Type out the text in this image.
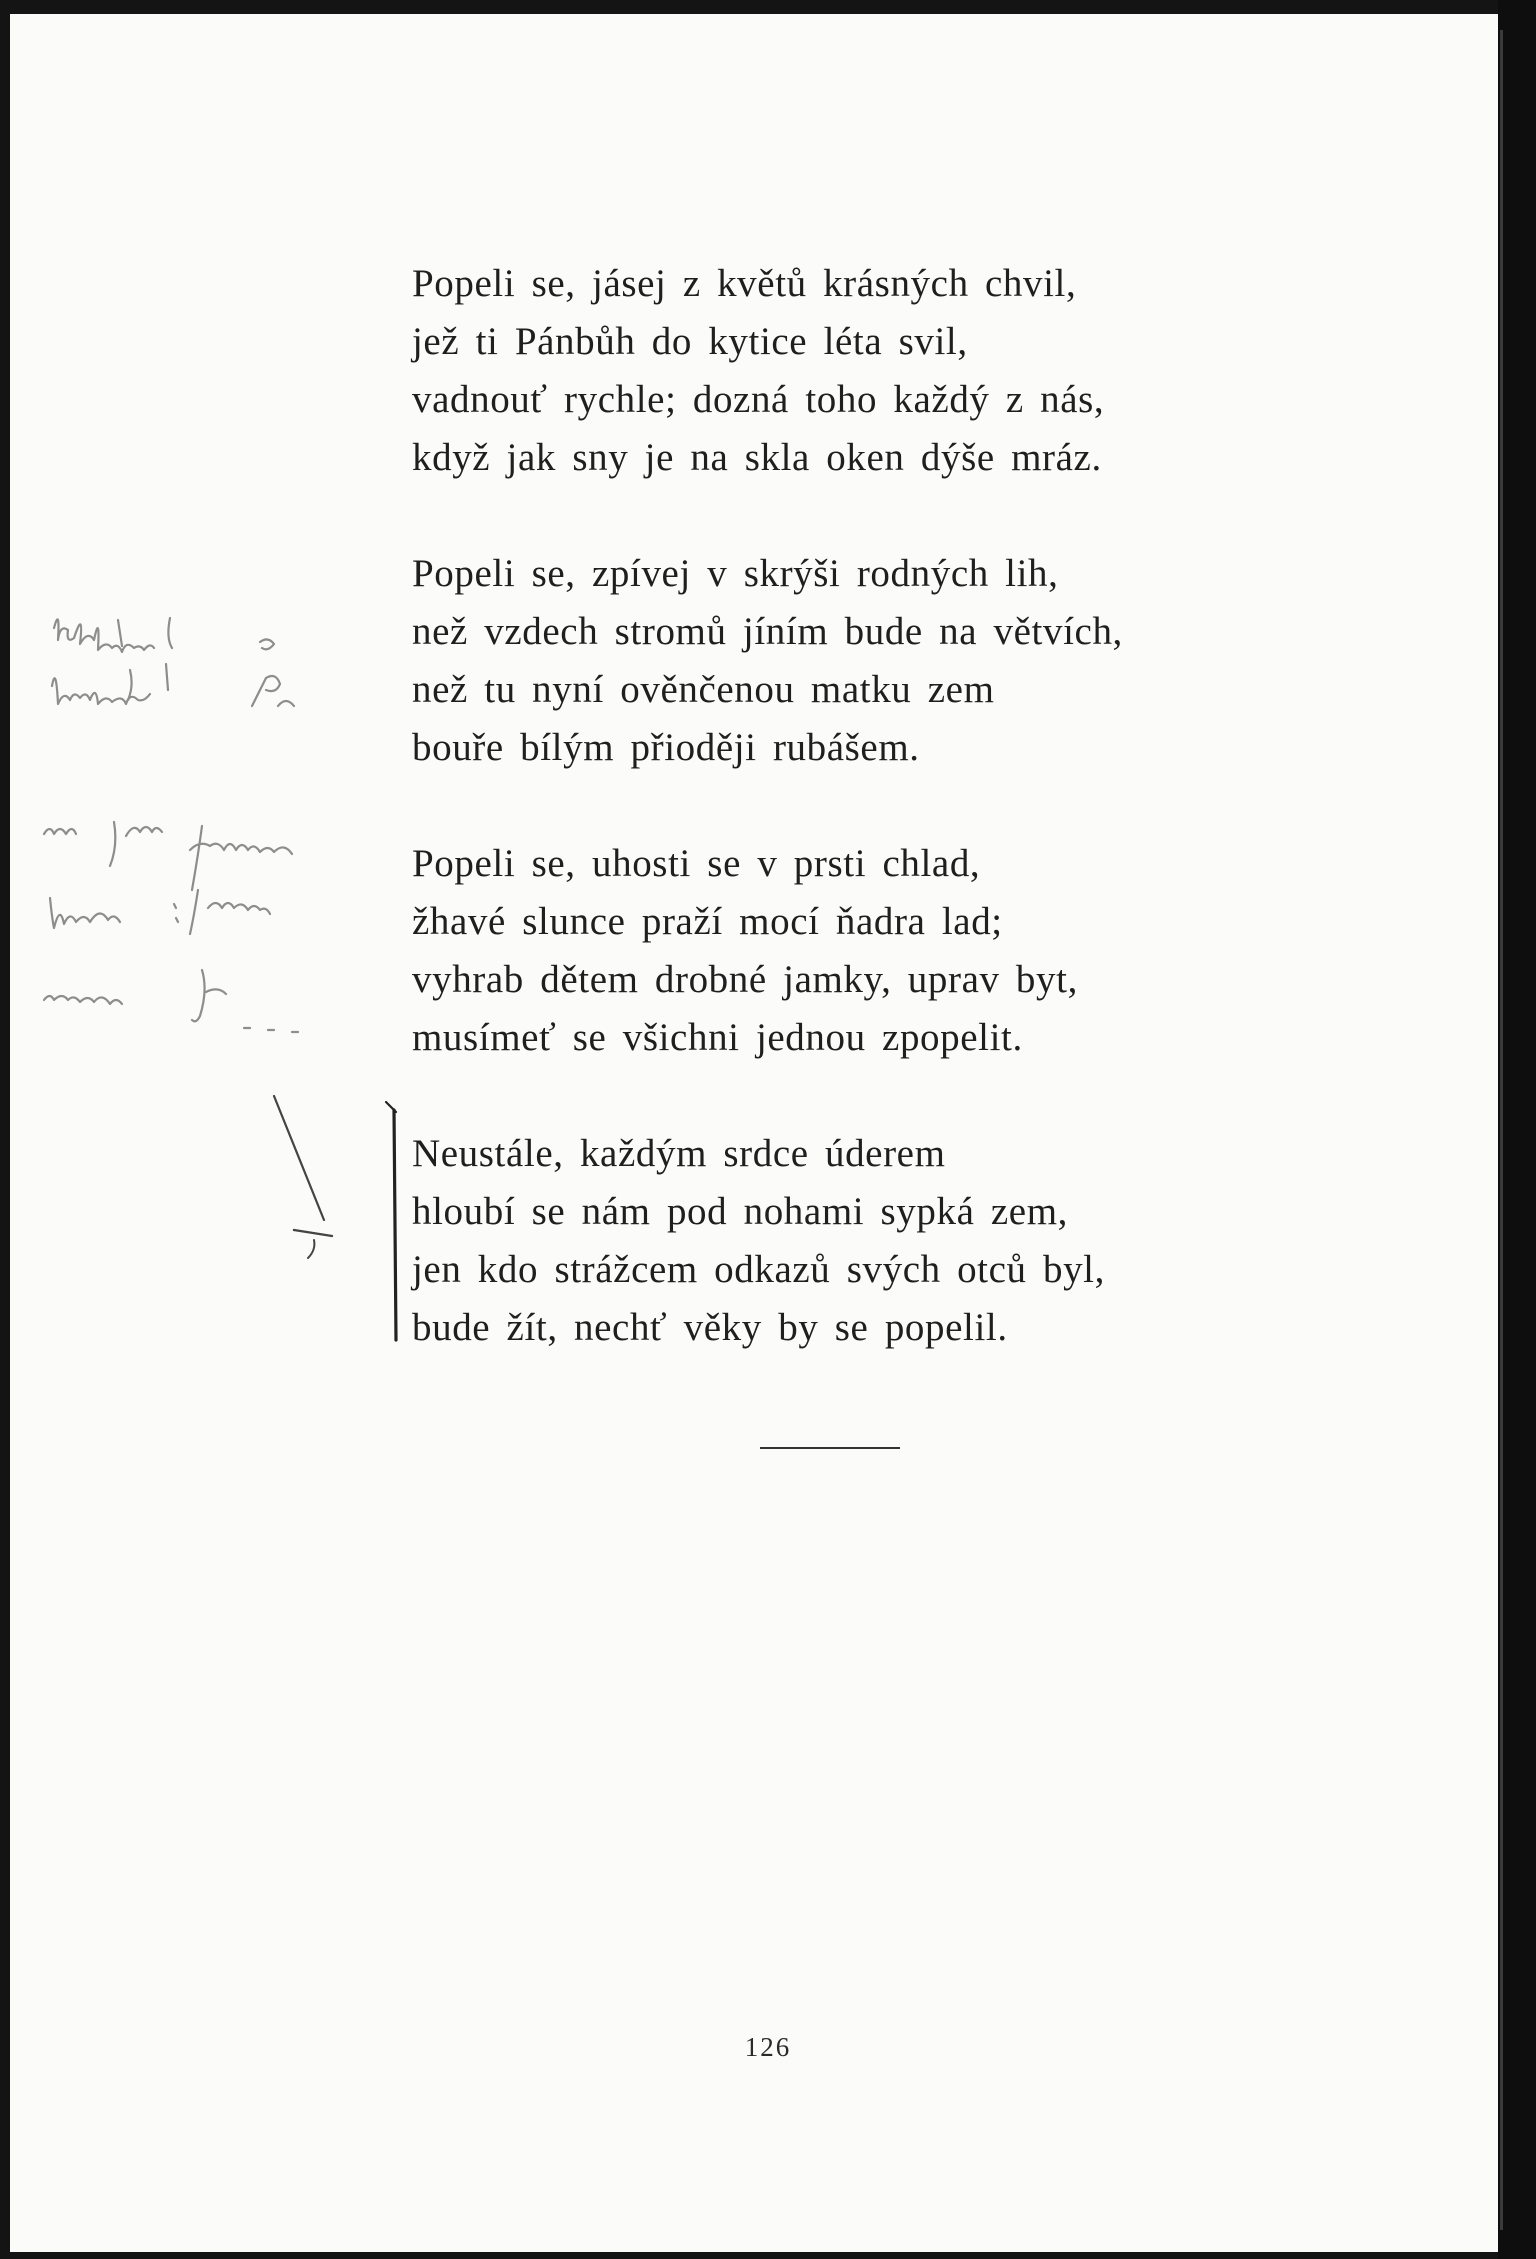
Popeli se, jásej z květů krásných chvil,
jež ti Pánbůh do kytice léta svil,
vadnouť rychle; dozná toho každý z nás,
když jak sny je na skla oken dýše mráz.
Popeli se, zpívej v skrýši rodných lih,
než vzdech stromů jíním bude na větvích,
než tu nyní ověnčenou matku zem
bouře bílým přioději rubášem.
Popeli se, uhosti se v prsti chlad,
žhavé slunce praží mocí ňadra lad;
vyhrab dětem drobné jamky, uprav byt,
musímeť se všichni jednou zpopelit.
Neustále, každým srdce úderem
hloubí se nám pod nohami sypká zem,
jen kdo strážcem odkazů svých otců byl,
bude žít, nechť věky by se popelil.
126
